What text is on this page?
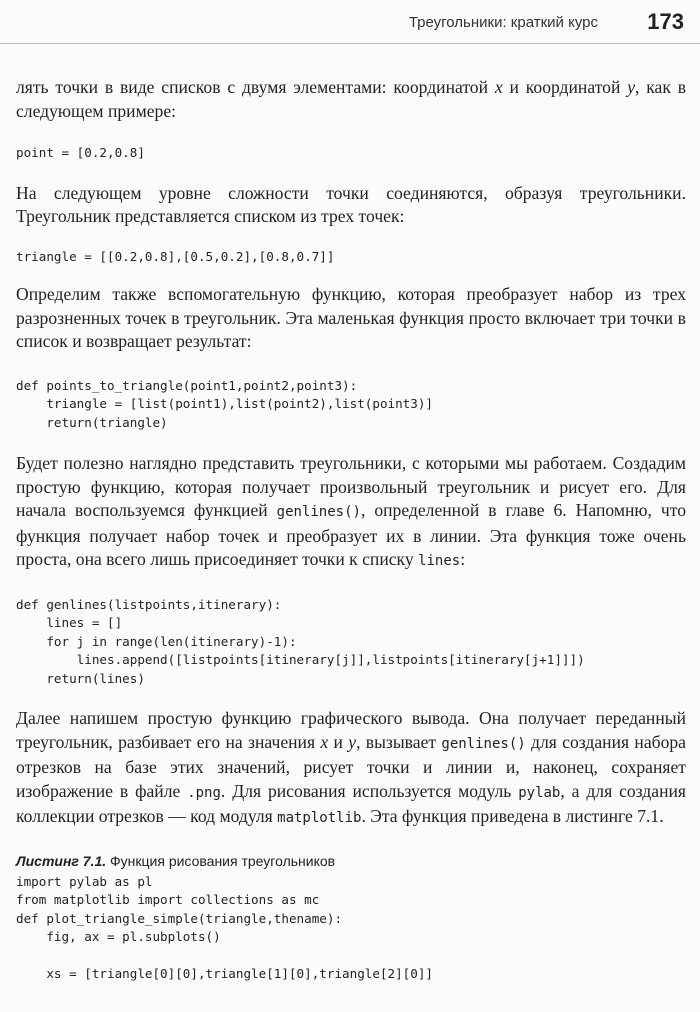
Треугольники: краткий курс 173

лять точки в виде списков с двумя элементами: координатой x и координатой y, как в следующем примере:

point = [0.2,0.8]

На следующем уровне сложности точки соединяются, образуя треугольники. Треугольник представляется списком из трех точек:

triangle = [[0.2,0.8],[0.5,0.2],[0.8,0.7]]

Определим также вспомогательную функцию, которая преобразует набор из трех разрозненных точек в треугольник. Эта маленькая функция просто включает три точки в список и возвращает результат:

def points_to_triangle(point1,point2,point3):
triangle = [list(point1),list(point2),list(point3)]
return(triangle)

Будет полезно наглядно представить треугольники, с которыми мы работаем. Создадим простую функцию, которая получает произвольный треугольник и рисует его. Для начала воспользуемся функцией genlines(), определенной в главе 6. Напомню, что функция получает набор точек и преобразует их в линии. Эта функция тоже очень проста, она всего лишь присоединяет точки к списку lines:

def genlines(listpoints,itinerary):
lines = []
for j in range(len(itinerary)-1):
lines.append([listpoints[itinerary[j]],listpoints[itinerary[j+1]]])
return(lines)

Далее напишем простую функцию графического вывода. Она получает переданный треугольник, разбивает его на значения x и y, вызывает genlines() для создания набора отрезков на базе этих значений, рисует точки и линии и, наконец, сохраняет изображение в файле .png. Для рисования используется модуль pylab, а для создания коллекции отрезков — код модуля matplotlib. Эта функция приведена в листинге 7.1.

Листинг 7.1. Функция рисования треугольников

import pylab as pl
from matplotlib import collections as mc
def plot_triangle_simple(triangle,thename):
fig, ax = pl.subplots()

xs = [triangle[0][0],triangle[1][0],triangle[2][0]]
